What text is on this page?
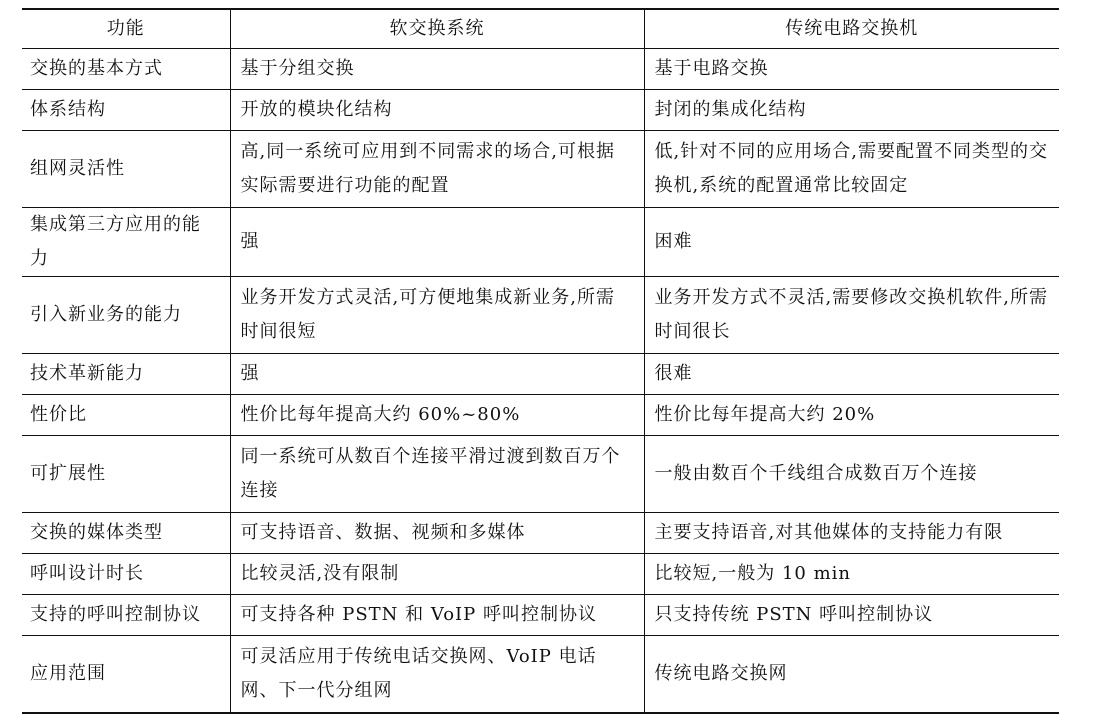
功能	软交换系统	传统电路交换机
交换的基本方式	基于分组交换	基于电路交换
体系结构	开放的模块化结构	封闭的集成化结构
组网灵活性	高,同一系统可应用到不同需求的场合,可根据实际需要进行功能的配置	低,针对不同的应用场合,需要配置不同类型的交换机,系统的配置通常比较固定
集成第三方应用的能力	强	困难
引入新业务的能力	业务开发方式灵活,可方便地集成新业务,所需时间很短	业务开发方式不灵活,需要修改交换机软件,所需时间很长
技术革新能力	强	很难
性价比	性价比每年提高大约 60%~80%	性价比每年提高大约 20%
可扩展性	同一系统可从数百个连接平滑过渡到数百万个连接	一般由数百个千线组合成数百万个连接
交换的媒体类型	可支持语音、数据、视频和多媒体	主要支持语音,对其他媒体的支持能力有限
呼叫设计时长	比较灵活,没有限制	比较短,一般为 10 min
支持的呼叫控制协议	可支持各种 PSTN 和 VoIP 呼叫控制协议	只支持传统 PSTN 呼叫控制协议
应用范围	可灵活应用于传统电话交换网、VoIP 电话网、下一代分组网	传统电路交换网
